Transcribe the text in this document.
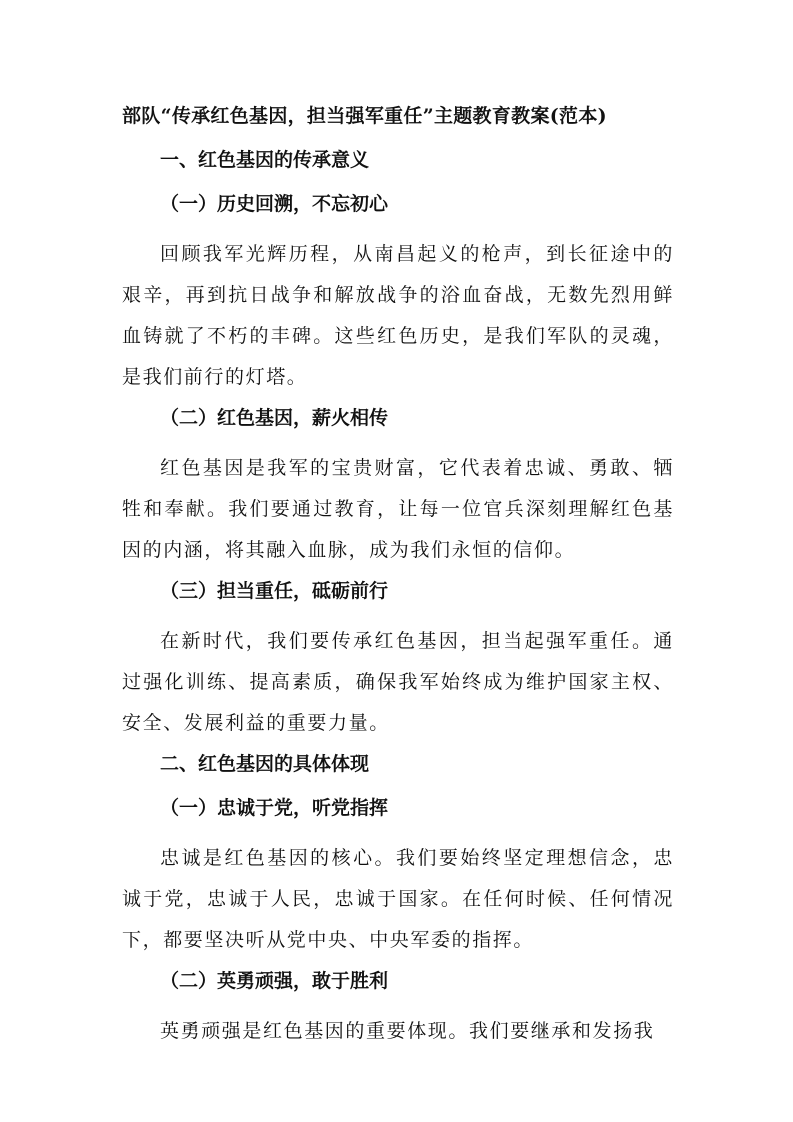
部队“传承红色基因，担当强军重任”主题教育教案(范本)
一、红色基因的传承意义
（一）历史回溯，不忘初心

回顾我军光辉历程，从南昌起义的枪声，到长征途中的艰辛，再到抗日战争和解放战争的浴血奋战，无数先烈用鲜血铸就了不朽的丰碑。这些红色历史，是我们军队的灵魂，是我们前行的灯塔。

（二）红色基因，薪火相传

红色基因是我军的宝贵财富，它代表着忠诚、勇敢、牺牲和奉献。我们要通过教育，让每一位官兵深刻理解红色基因的内涵，将其融入血脉，成为我们永恒的信仰。

（三）担当重任，砥砺前行

在新时代，我们要传承红色基因，担当起强军重任。通过强化训练、提高素质，确保我军始终成为维护国家主权、安全、发展利益的重要力量。

二、红色基因的具体体现
（一）忠诚于党，听党指挥

忠诚是红色基因的核心。我们要始终坚定理想信念，忠诚于党，忠诚于人民，忠诚于国家。在任何时候、任何情况下，都要坚决听从党中央、中央军委的指挥。

（二）英勇顽强，敢于胜利

英勇顽强是红色基因的重要体现。我们要继承和发扬我
